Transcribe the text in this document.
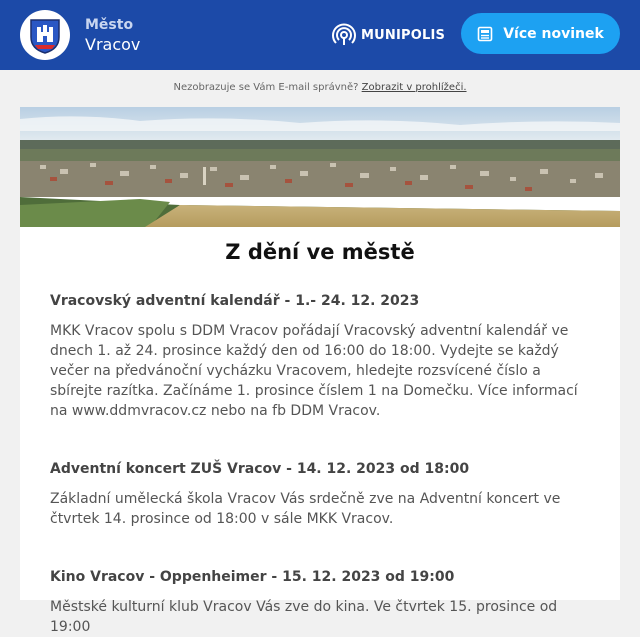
Město
Vracov	MUNIPOLIS	Více novinek
Nezobrazuje se Vám E-mail správně? Zobrazit v prohlížeči.
Z dění ve městě
Vracovský adventní kalendář - 1.- 24. 12. 2023
MKK Vracov spolu s DDM Vracov pořádají Vracovský adventní kalendář ve dnech 1. až 24. prosince každý den od 16:00 do 18:00. Vydejte se každý večer na předvánoční vycházku Vracovem, hledejte rozsvícené číslo a sbírejte razítka. Začínáme 1. prosince číslem 1 na Domečku. Více informací na www.ddmvracov.cz nebo na fb DDM Vracov.
Adventní koncert ZUŠ Vracov - 14. 12. 2023 od 18:00
Základní umělecká škola Vracov Vás srdečně zve na Adventní koncert ve čtvrtek 14. prosince od 18:00 v sále MKK Vracov.
Kino Vracov - Oppenheimer - 15. 12. 2023 od 19:00
Městské kulturní klub Vracov Vás zve do kina. Ve čtvrtek 15. prosince od 19:00
